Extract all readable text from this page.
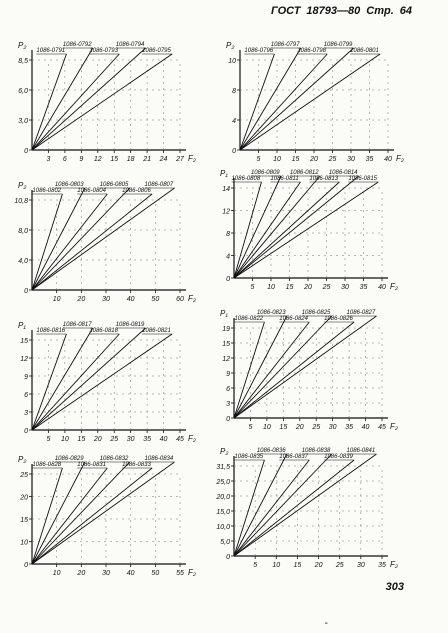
ГОСТ 18793—80 Стр. 64
8,5
6,0
3,0
0
3 6 9 12 15 18 21 24 27
P₂
F₂
1086-0791
1086-0792
1086-0793
1086-0794
1086-0795
10
8
4
0
5 10 15 20 25 30 35 40
P₂
F₂
1086-0796
1086-0797
1086-0798
1086-0799
1086-0801
10,8
8,0
4,0
0
10 20 30 40 50 60
P₂
F₂
1086-0802
1086-0803
1086-0804
1086-0805
1086-0806
1086-0807
14
12
8
4
0
5 10 15 20 25 30 35 40
P₁
F₂
1086-0808
1086-0809
1086-0811
1086-0812
1086-0813
1086-0814
1086-0815
15
12
9
6
3
0
5 10 15 20 25 30 35 40 45
P₁
F₂
1086-0816
1086-0817
1086-0818
1086-0819
1086-0821	19
15
12
9
6
3
0
5 10 15 20 25 30 35 40 45
P₁
F₂
1086-0822
1086-0823
1086-0824
1086-0825
1086-0826
1086-0827
25
20
15
10
0
10 20 30 40 50 55
P₂
F₂
1086-0828
1086-0829
1086-0831
1086-0832
1086-0833
1086-0834
31,5
25,0
20,0
15,0
10,0
5,0
0
5 10 15 20 25 30 35
P₂
F₂
1086-0835
1086-0836
1086-0837
1086-0838
1086-0839
1086-0841
303
-
